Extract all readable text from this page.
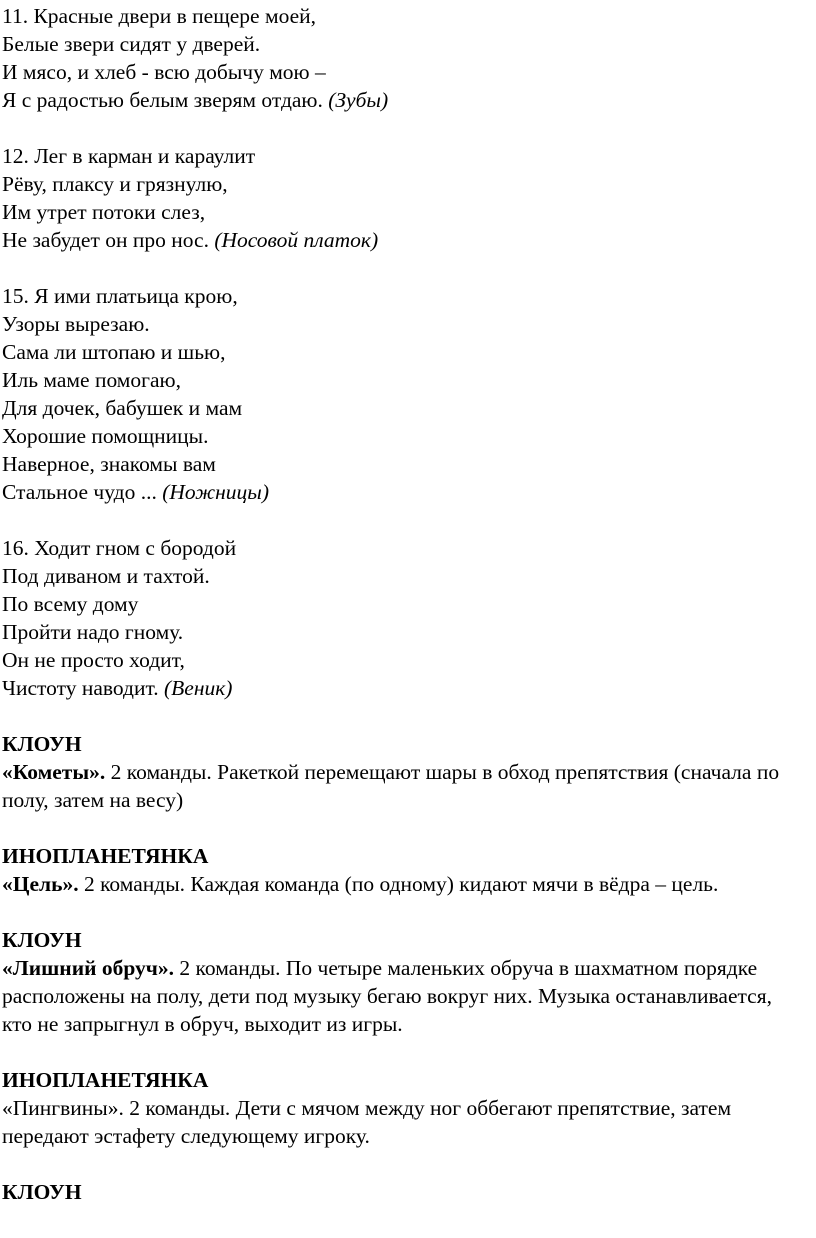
11. Красные двери в пещере моей,
Белые звери сидят у дверей.
И мясо, и хлеб - всю добычу мою –
Я с радостью белым зверям отдаю. (Зубы)
12. Лег в карман и караулит
Рёву, плаксу и грязнулю,
Им утрет потоки слез,
Не забудет он про нос. (Носовой платок)
15. Я ими платьица крою,
Узоры вырезаю.
Сама ли штопаю и шью,
Иль маме помогаю,
Для дочек, бабушек и мам
Хорошие помощницы.
Наверное, знакомы вам
Стальное чудо ... (Ножницы)
16. Ходит гном с бородой
Под диваном и тахтой.
По всему дому
Пройти надо гному.
Он не просто ходит,
Чистоту наводит. (Веник)
КЛОУН
«Кометы». 2 команды. Ракеткой перемещают шары в обход препятствия (сначала по полу, затем на весу)
ИНОПЛАНЕТЯНКА
«Цель». 2 команды. Каждая команда (по одному) кидают мячи в вёдра – цель.
КЛОУН
«Лишний обруч». 2 команды. По четыре маленьких обруча в шахматном порядке расположены на полу, дети под музыку бегаю вокруг них. Музыка останавливается, кто не запрыгнул в обруч, выходит из игры.
ИНОПЛАНЕТЯНКА
«Пингвины». 2 команды. Дети с мячом между ног оббегают препятствие, затем передают эстафету следующему игроку.
КЛОУН
